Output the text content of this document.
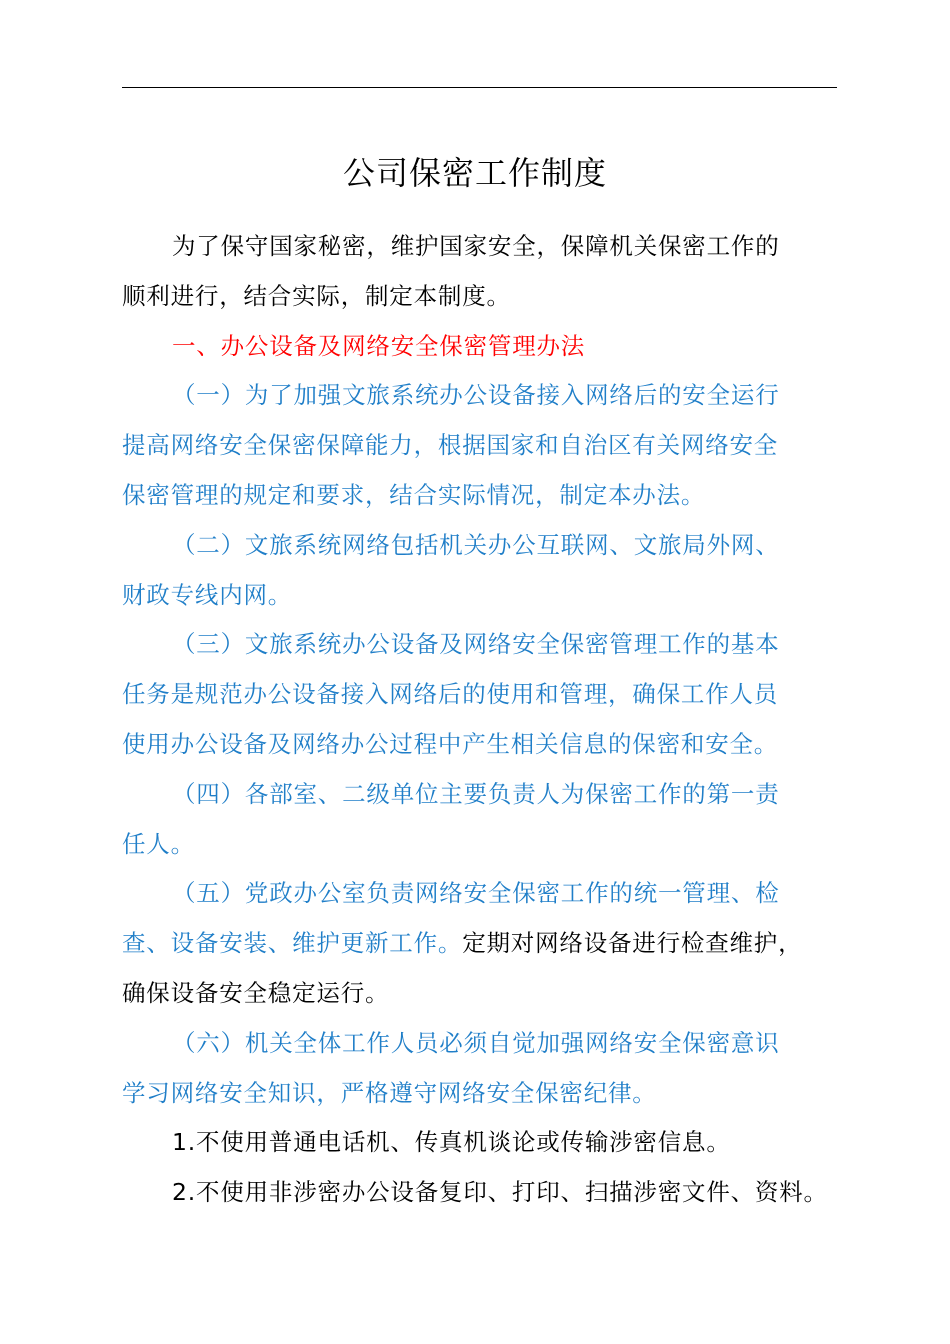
公司保密工作制度
为了保守国家秘密，维护国家安全，保障机关保密工作的
顺利进行，结合实际，制定本制度。
一、办公设备及网络安全保密管理办法
（一）为了加强文旅系统办公设备接入网络后的安全运行
提高网络安全保密保障能力，根据国家和自治区有关网络安全
保密管理的规定和要求，结合实际情况，制定本办法。
（二）文旅系统网络包括机关办公互联网、文旅局外网、
财政专线内网。
（三）文旅系统办公设备及网络安全保密管理工作的基本
任务是规范办公设备接入网络后的使用和管理，确保工作人员
使用办公设备及网络办公过程中产生相关信息的保密和安全。
（四）各部室、二级单位主要负责人为保密工作的第一责
任人。
（五）党政办公室负责网络安全保密工作的统一管理、检
查、设备安装、维护更新工作。定期对网络设备进行检查维护，
确保设备安全稳定运行。
（六）机关全体工作人员必须自觉加强网络安全保密意识
学习网络安全知识，严格遵守网络安全保密纪律。
1.不使用普通电话机、传真机谈论或传输涉密信息。
2.不使用非涉密办公设备复印、打印、扫描涉密文件、资料。
